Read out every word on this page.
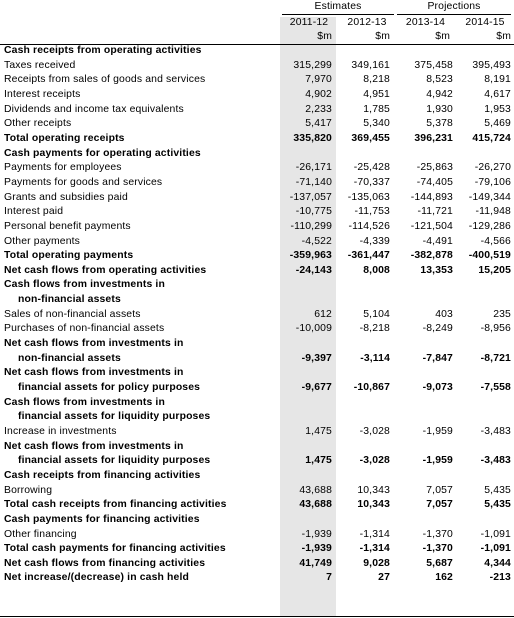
Estimates	Projections
2011-12	2012-13	2013-14	2014-15
$m	$m	$m	$m
Cash receipts from operating activities
Taxes received	315,299	349,161	375,458	395,493
Receipts from sales of goods and services	7,970	8,218	8,523	8,191
Interest receipts	4,902	4,951	4,942	4,617
Dividends and income tax equivalents	2,233	1,785	1,930	1,953
Other receipts	5,417	5,340	5,378	5,469
Total operating receipts	335,820	369,455	396,231	415,724
Cash payments for operating activities
Payments for employees	-26,171	-25,428	-25,863	-26,270
Payments for goods and services	-71,140	-70,337	-74,405	-79,106
Grants and subsidies paid	-137,057	-135,063	-144,893	-149,344
Interest paid	-10,775	-11,753	-11,721	-11,948
Personal benefit payments	-110,299	-114,526	-121,504	-129,286
Other payments	-4,522	-4,339	-4,491	-4,566
Total operating payments	-359,963	-361,447	-382,878	-400,519
Net cash flows from operating activities	-24,143	8,008	13,353	15,205
Cash flows from investments in
non-financial assets
Sales of non-financial assets	612	5,104	403	235
Purchases of non-financial assets	-10,009	-8,218	-8,249	-8,956
Net cash flows from investments in
non-financial assets	-9,397	-3,114	-7,847	-8,721
Net cash flows from investments in
financial assets for policy purposes	-9,677	-10,867	-9,073	-7,558
Cash flows from investments in
financial assets for liquidity purposes
Increase in investments	1,475	-3,028	-1,959	-3,483
Net cash flows from investments in
financial assets for liquidity purposes	1,475	-3,028	-1,959	-3,483
Cash receipts from financing activities
Borrowing	43,688	10,343	7,057	5,435
Total cash receipts from financing activities	43,688	10,343	7,057	5,435
Cash payments for financing activities
Other financing	-1,939	-1,314	-1,370	-1,091
Total cash payments for financing activities	-1,939	-1,314	-1,370	-1,091
Net cash flows from financing activities	41,749	9,028	5,687	4,344
Net increase/(decrease) in cash held	7	27	162	-213
